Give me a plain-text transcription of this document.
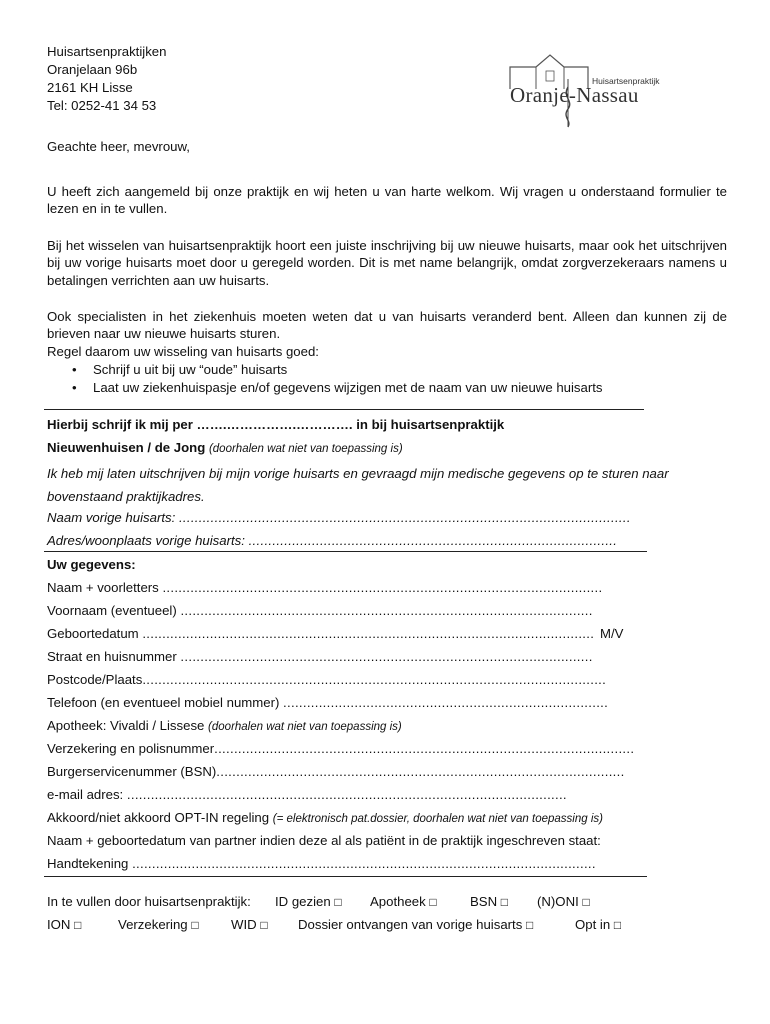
Huisartsenpraktijken
Oranjelaan 96b
2161 KH Lisse
Tel: 0252-41 34 53
Huisartsenpraktijk
Oranje-Nassau
Geachte heer, mevrouw,
U heeft zich aangemeld bij onze praktijk en wij heten u van harte welkom. Wij vragen u onderstaand formulier te lezen en in te vullen.
Bij het wisselen van huisartsenpraktijk hoort een juiste inschrijving bij uw nieuwe huisarts, maar ook het uitschrijven bij uw vorige huisarts moet door u geregeld worden. Dit is met name belangrijk, omdat zorgverzekeraars namens u betalingen verrichten aan uw huisarts.
Ook specialisten in het ziekenhuis moeten weten dat u van huisarts veranderd bent. Alleen dan kunnen zij de brieven naar uw nieuwe huisarts sturen.
Regel daarom uw wisseling van huisarts goed:
• Schrijf u uit bij uw “oude” huisarts
• Laat uw ziekenhuispasje en/of gegevens wijzigen met de naam van uw nieuwe huisarts
Hierbij schrijf ik mij per …….…………….…………. in bij huisartsenpraktijk
Nieuwenhuisen / de Jong (doorhalen wat niet van toepassing is)
Ik heb mij laten uitschrijven bij mijn vorige huisarts en gevraagd mijn medische gegevens op te sturen naar bovenstaand praktijkadres.
Naam vorige huisarts: ..................................................................................................................
Adres/woonplaats vorige huisarts: .............................................................................................
Uw gegevens:
Naam + voorletters ...............................................................................................................
Voornaam (eventueel) ........................................................................................................
Geboortedatum .................................................................................................................. M/V
Straat en huisnummer ........................................................................................................
Postcode/Plaats.....................................................................................................................
Telefoon (en eventueel mobiel nummer) ..................................................................................
Apotheek: Vivaldi / Lissese (doorhalen wat niet van toepassing is)
Verzekering en polisnummer..........................................................................................................
Burgerservicenummer (BSN).......................................................................................................
e-mail adres: ...............................................................................................................
Akkoord/niet akkoord OPT-IN regeling (= elektronisch pat.dossier, doorhalen wat niet van toepassing is)
Naam + geboortedatum van partner indien deze al als patiënt in de praktijk ingeschreven staat:
Handtekening .....................................................................................................................
In te vullen door huisartsenpraktijk: ID gezien □ Apotheek □	BSN □ (N)ONI □
ION □	Verzekering □ WID □ Dossier ontvangen van vorige huisarts □	Opt in □
